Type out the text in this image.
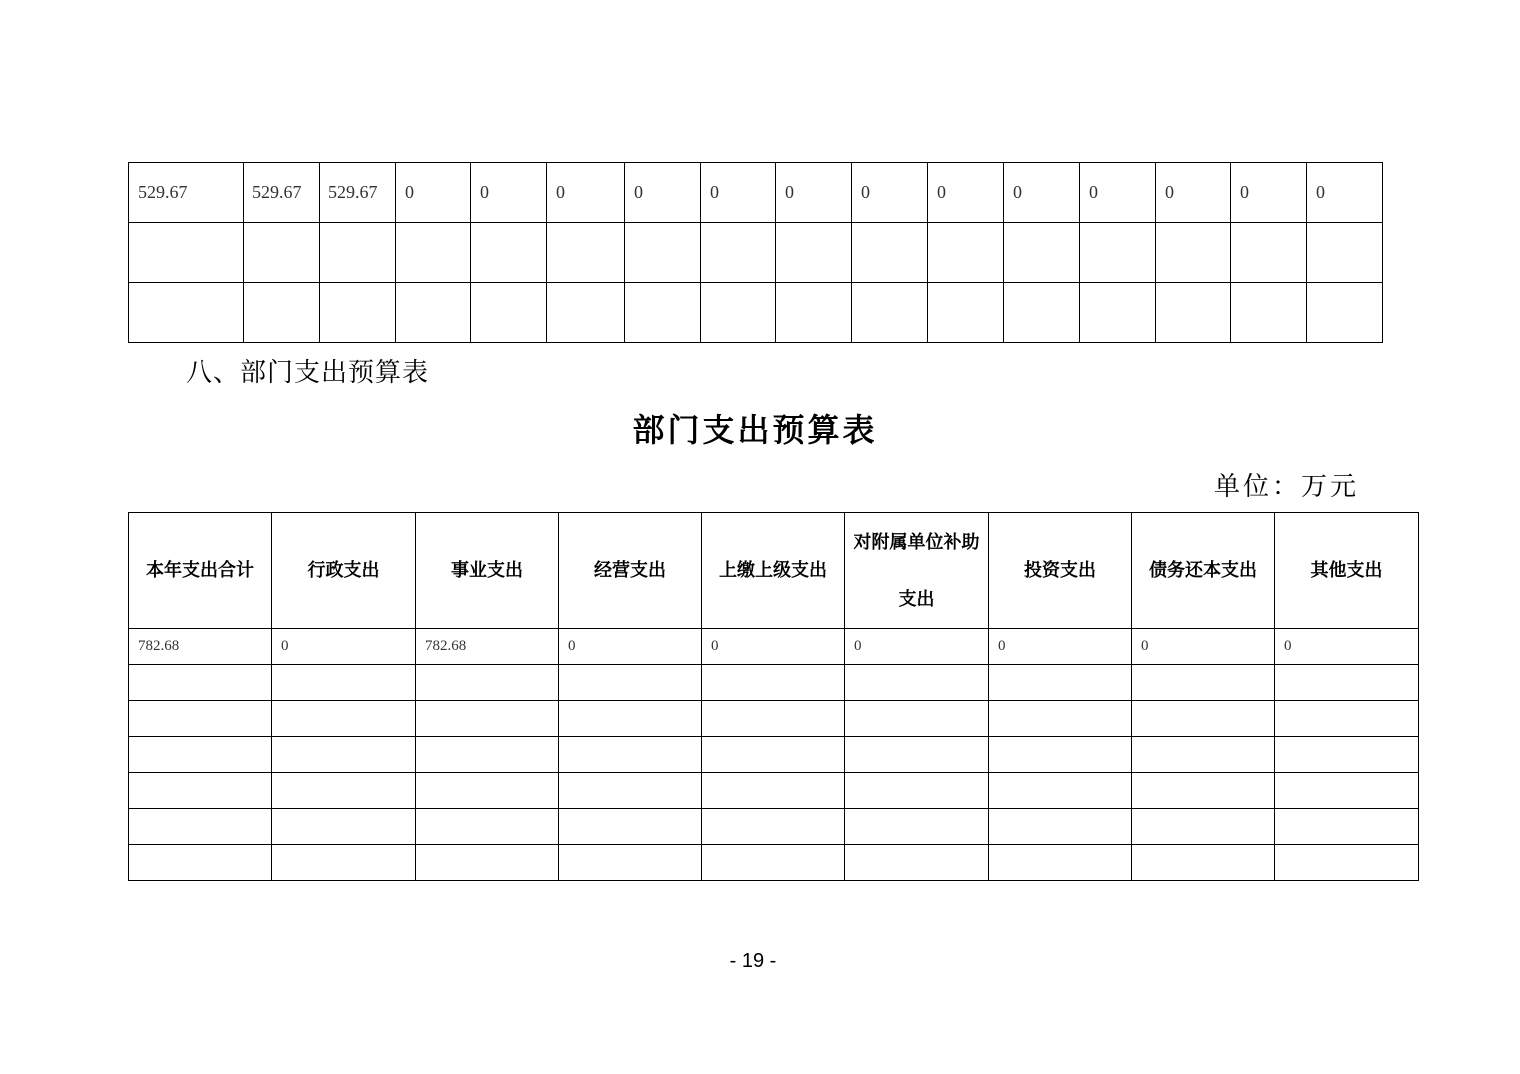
529.67	529.67	529.67	0	0	0	0	0	0	0	0	0	0	0	0	0

八、部门支出预算表
部门支出预算表
单位：万元
本年支出合计	行政支出	事业支出	经营支出	上缴上级支出	对附属单位补助支出	投资支出	债务还本支出	其他支出

782.68	0	782.68	0	0	0	0	0	0

- 19 -
